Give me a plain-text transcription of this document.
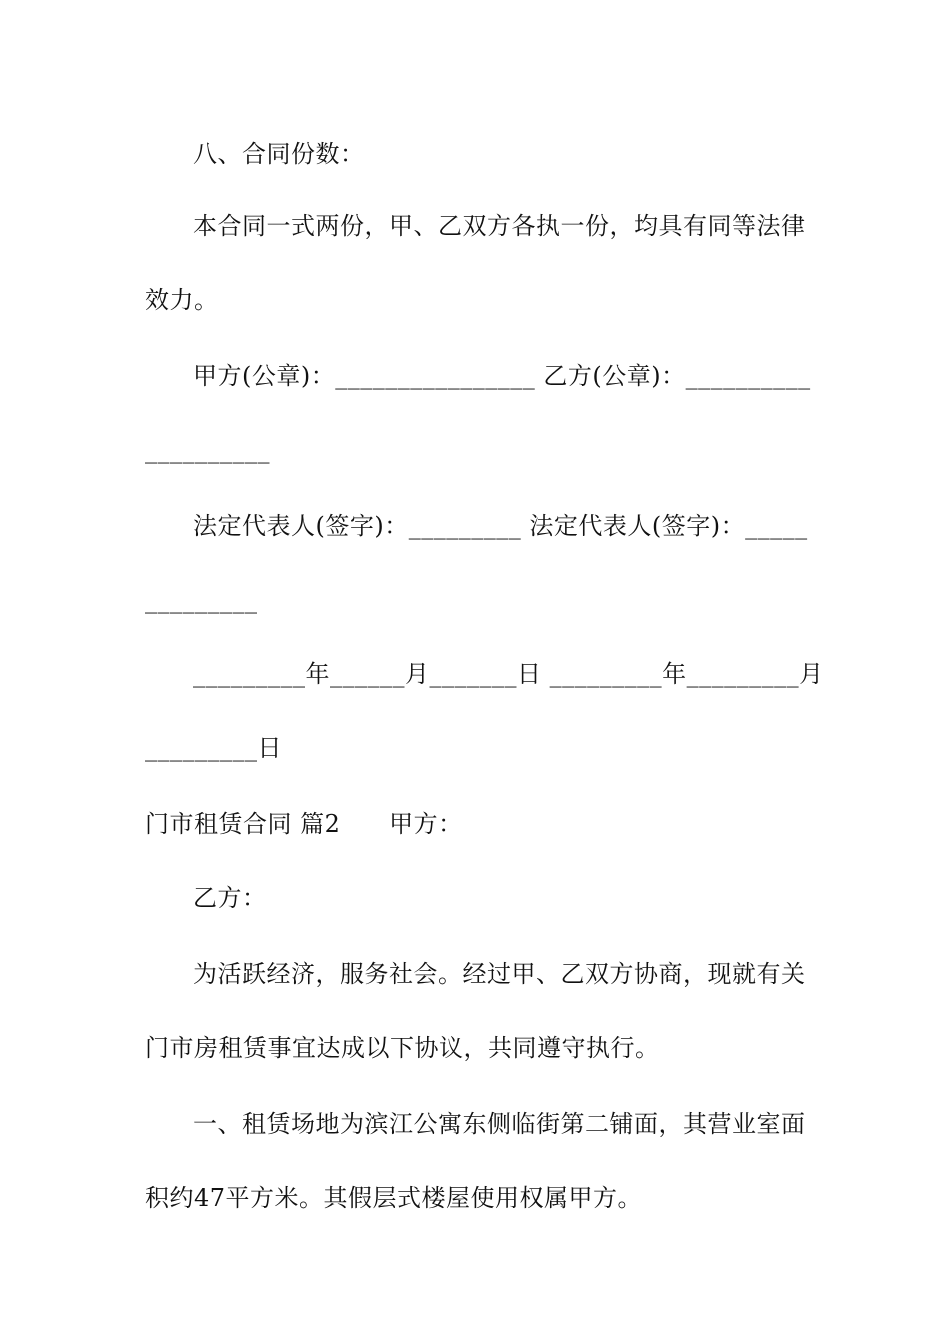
八、合同份数：
本合同一式两份，甲、乙双方各执一份，均具有同等法律
效力。
甲方(公章)：________________ 乙方(公章)：__________
__________
法定代表人(签字)：_________ 法定代表人(签字)：_____
_________
_________年______月_______日 _________年_________月
_________日
门市租赁合同 篇2      甲方：
乙方：
为活跃经济，服务社会。经过甲、乙双方协商，现就有关
门市房租赁事宜达成以下协议，共同遵守执行。
一、租赁场地为滨江公寓东侧临街第二铺面，其营业室面
积约47平方米。其假层式楼屋使用权属甲方。
